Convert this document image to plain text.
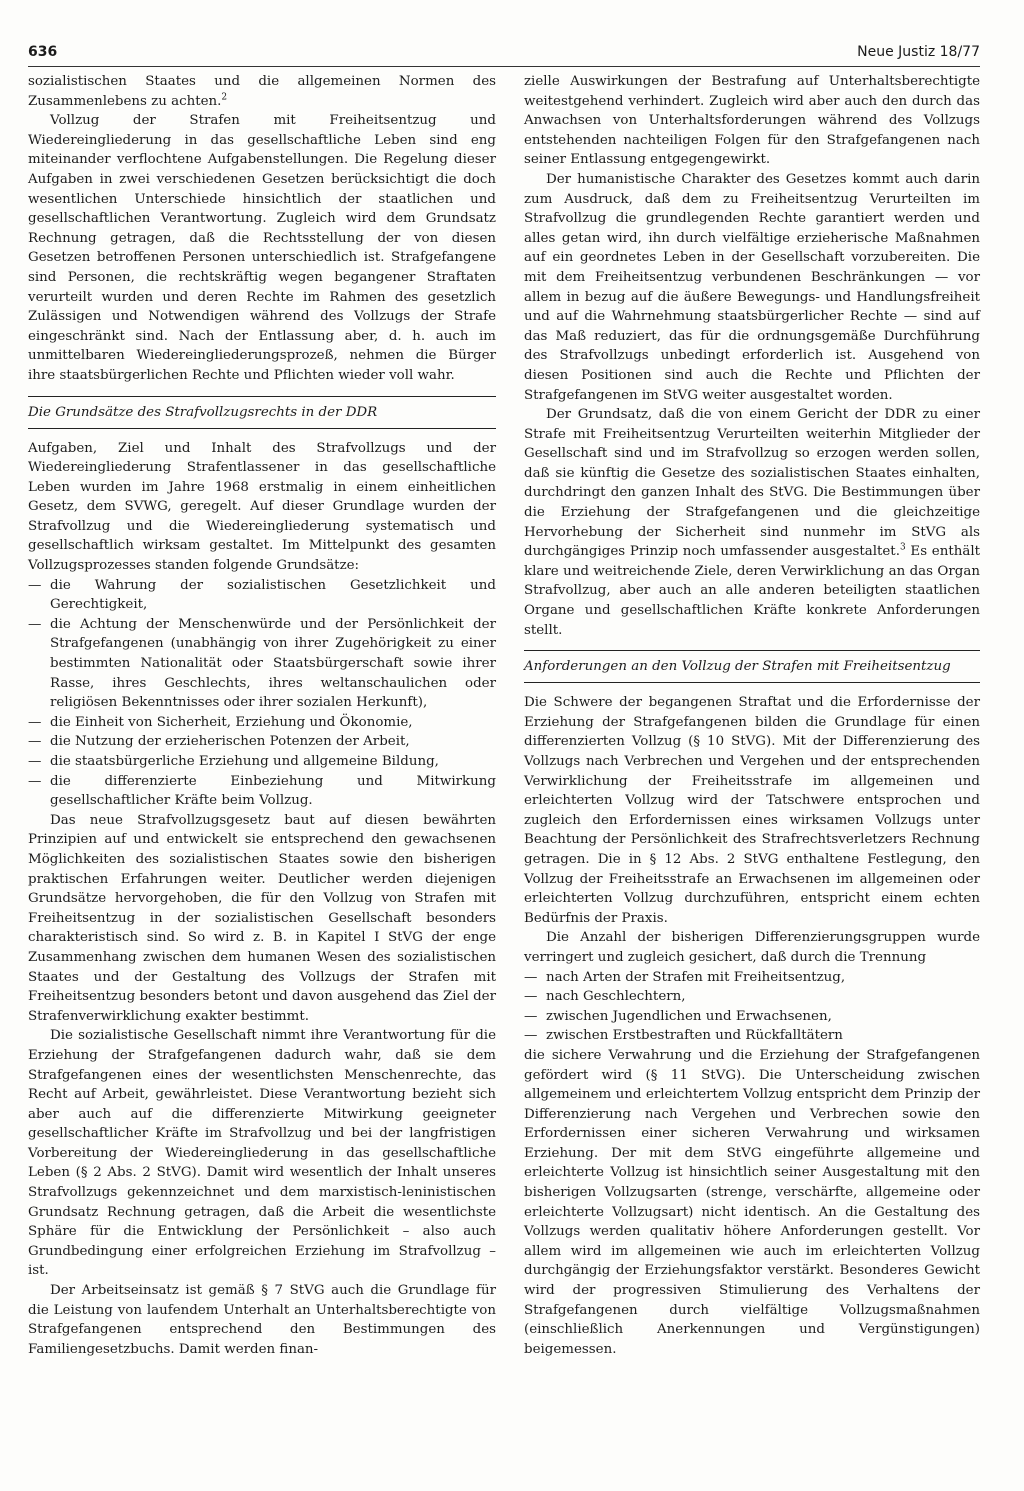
636	Neue Justiz 18/77

sozialistischen Staates und die allgemeinen Normen des Zusammenlebens zu achten.$^2$

Vollzug der Strafen mit Freiheitsentzug und Wiedereingliederung in das gesellschaftliche Leben sind eng miteinander verflochtene Aufgabenstellungen. Die Regelung dieser Aufgaben in zwei verschiedenen Gesetzen berücksichtigt die doch wesentlichen Unterschiede hinsichtlich der staatlichen und gesellschaftlichen Verantwortung. Zugleich wird dem Grundsatz Rechnung getragen, daß die Rechtsstellung der von diesen Gesetzen betroffenen Personen unterschiedlich ist. Strafgefangene sind Personen, die rechtskräftig wegen begangener Straftaten verurteilt wurden und deren Rechte im Rahmen des gesetzlich Zulässigen und Notwendigen während des Vollzugs der Strafe eingeschränkt sind. Nach der Entlassung aber, d. h. auch im unmittelbaren Wiedereingliederungsprozeß, nehmen die Bürger ihre staatsbürgerlichen Rechte und Pflichten wieder voll wahr.

Die Grundsätze des Strafvollzugsrechts in der DDR

Aufgaben, Ziel und Inhalt des Strafvollzugs und der Wiedereingliederung Strafentlassener in das gesellschaftliche Leben wurden im Jahre 1968 erstmalig in einem einheitlichen Gesetz, dem SVWG, geregelt. Auf dieser Grundlage wurden der Strafvollzug und die Wiedereingliederung systematisch und gesellschaftlich wirksam gestaltet. Im Mittelpunkt des gesamten Vollzugsprozesses standen folgende Grundsätze:

— die Wahrung der sozialistischen Gesetzlichkeit und Gerechtigkeit,
— die Achtung der Menschenwürde und der Persönlichkeit der Strafgefangenen (unabhängig von ihrer Zugehörigkeit zu einer bestimmten Nationalität oder Staatsbürgerschaft sowie ihrer Rasse, ihres Geschlechts, ihres weltanschaulichen oder religiösen Bekenntnisses oder ihrer sozialen Herkunft),
— die Einheit von Sicherheit, Erziehung und Ökonomie,
— die Nutzung der erzieherischen Potenzen der Arbeit,
— die staatsbürgerliche Erziehung und allgemeine Bildung,
— die differenzierte Einbeziehung und Mitwirkung gesellschaftlicher Kräfte beim Vollzug.

Das neue Strafvollzugsgesetz baut auf diesen bewährten Prinzipien auf und entwickelt sie entsprechend den gewachsenen Möglichkeiten des sozialistischen Staates sowie den bisherigen praktischen Erfahrungen weiter. Deutlicher werden diejenigen Grundsätze hervorgehoben, die für den Vollzug von Strafen mit Freiheitsentzug in der sozialistischen Gesellschaft besonders charakteristisch sind. So wird z. B. in Kapitel I StVG der enge Zusammenhang zwischen dem humanen Wesen des sozialistischen Staates und der Gestaltung des Vollzugs der Strafen mit Freiheitsentzug besonders betont und davon ausgehend das Ziel der Strafenverwirklichung exakter bestimmt.

Die sozialistische Gesellschaft nimmt ihre Verantwortung für die Erziehung der Strafgefangenen dadurch wahr, daß sie dem Strafgefangenen eines der wesentlichsten Menschenrechte, das Recht auf Arbeit, gewährleistet. Diese Verantwortung bezieht sich aber auch auf die differenzierte Mitwirkung geeigneter gesellschaftlicher Kräfte im Strafvollzug und bei der langfristigen Vorbereitung der Wiedereingliederung in das gesellschaftliche Leben (§ 2 Abs. 2 StVG). Damit wird wesentlich der Inhalt unseres Strafvollzugs gekennzeichnet und dem marxistisch-leninistischen Grundsatz Rechnung getragen, daß die Arbeit die wesentlichste Sphäre für die Entwicklung der Persönlichkeit – also auch Grundbedingung einer erfolgreichen Erziehung im Strafvollzug – ist.

Der Arbeitseinsatz ist gemäß § 7 StVG auch die Grundlage für die Leistung von laufendem Unterhalt an Unterhaltsberechtigte von Strafgefangenen entsprechend den Bestimmungen des Familiengesetzbuchs. Damit werden finan-

zielle Auswirkungen der Bestrafung auf Unterhaltsberechtigte weitestgehend verhindert. Zugleich wird aber auch den durch das Anwachsen von Unterhaltsforderungen während des Vollzugs entstehenden nachteiligen Folgen für den Strafgefangenen nach seiner Entlassung entgegengewirkt.

Der humanistische Charakter des Gesetzes kommt auch darin zum Ausdruck, daß dem zu Freiheitsentzug Verurteilten im Strafvollzug die grundlegenden Rechte garantiert werden und alles getan wird, ihn durch vielfältige erzieherische Maßnahmen auf ein geordnetes Leben in der Gesellschaft vorzubereiten. Die mit dem Freiheitsentzug verbundenen Beschränkungen — vor allem in bezug auf die äußere Bewegungs- und Handlungsfreiheit und auf die Wahrnehmung staatsbürgerlicher Rechte — sind auf das Maß reduziert, das für die ordnungsgemäße Durchführung des Strafvollzugs unbedingt erforderlich ist. Ausgehend von diesen Positionen sind auch die Rechte und Pflichten der Strafgefangenen im StVG weiter ausgestaltet worden.

Der Grundsatz, daß die von einem Gericht der DDR zu einer Strafe mit Freiheitsentzug Verurteilten weiterhin Mitglieder der Gesellschaft sind und im Strafvollzug so erzogen werden sollen, daß sie künftig die Gesetze des sozialistischen Staates einhalten, durchdringt den ganzen Inhalt des StVG. Die Bestimmungen über die Erziehung der Strafgefangenen und die gleichzeitige Hervorhebung der Sicherheit sind nunmehr im StVG als durchgängiges Prinzip noch umfassender ausgestaltet.$^3$ Es enthält klare und weitreichende Ziele, deren Verwirklichung an das Organ Strafvollzug, aber auch an alle anderen beteiligten staatlichen Organe und gesellschaftlichen Kräfte konkrete Anforderungen stellt.

Anforderungen an den Vollzug der Strafen mit Freiheitsentzug

Die Schwere der begangenen Straftat und die Erfordernisse der Erziehung der Strafgefangenen bilden die Grundlage für einen differenzierten Vollzug (§ 10 StVG). Mit der Differenzierung des Vollzugs nach Verbrechen und Vergehen und der entsprechenden Verwirklichung der Freiheitsstrafe im allgemeinen und erleichterten Vollzug wird der Tatschwere entsprochen und zugleich den Erfordernissen eines wirksamen Vollzugs unter Beachtung der Persönlichkeit des Strafrechtsverletzers Rechnung getragen. Die in § 12 Abs. 2 StVG enthaltene Festlegung, den Vollzug der Freiheitsstrafe an Erwachsenen im allgemeinen oder erleichterten Vollzug durchzuführen, entspricht einem echten Bedürfnis der Praxis.

Die Anzahl der bisherigen Differenzierungsgruppen wurde verringert und zugleich gesichert, daß durch die Trennung

— nach Arten der Strafen mit Freiheitsentzug,
— nach Geschlechtern,
— zwischen Jugendlichen und Erwachsenen,
— zwischen Erstbestraften und Rückfalltätern

die sichere Verwahrung und die Erziehung der Strafgefangenen gefördert wird (§ 11 StVG). Die Unterscheidung zwischen allgemeinem und erleichtertem Vollzug entspricht dem Prinzip der Differenzierung nach Vergehen und Verbrechen sowie den Erfordernissen einer sicheren Verwahrung und wirksamen Erziehung. Der mit dem StVG eingeführte allgemeine und erleichterte Vollzug ist hinsichtlich seiner Ausgestaltung mit den bisherigen Vollzugsarten (strenge, verschärfte, allgemeine oder erleichterte Vollzugsart) nicht identisch. An die Gestaltung des Vollzugs werden qualitativ höhere Anforderungen gestellt. Vor allem wird im allgemeinen wie auch im erleichterten Vollzug durchgängig der Erziehungsfaktor verstärkt. Besonderes Gewicht wird der progressiven Stimulierung des Verhaltens der Strafgefangenen durch vielfältige Vollzugsmaßnahmen (einschließlich Anerkennungen und Vergünstigungen) beigemessen.
